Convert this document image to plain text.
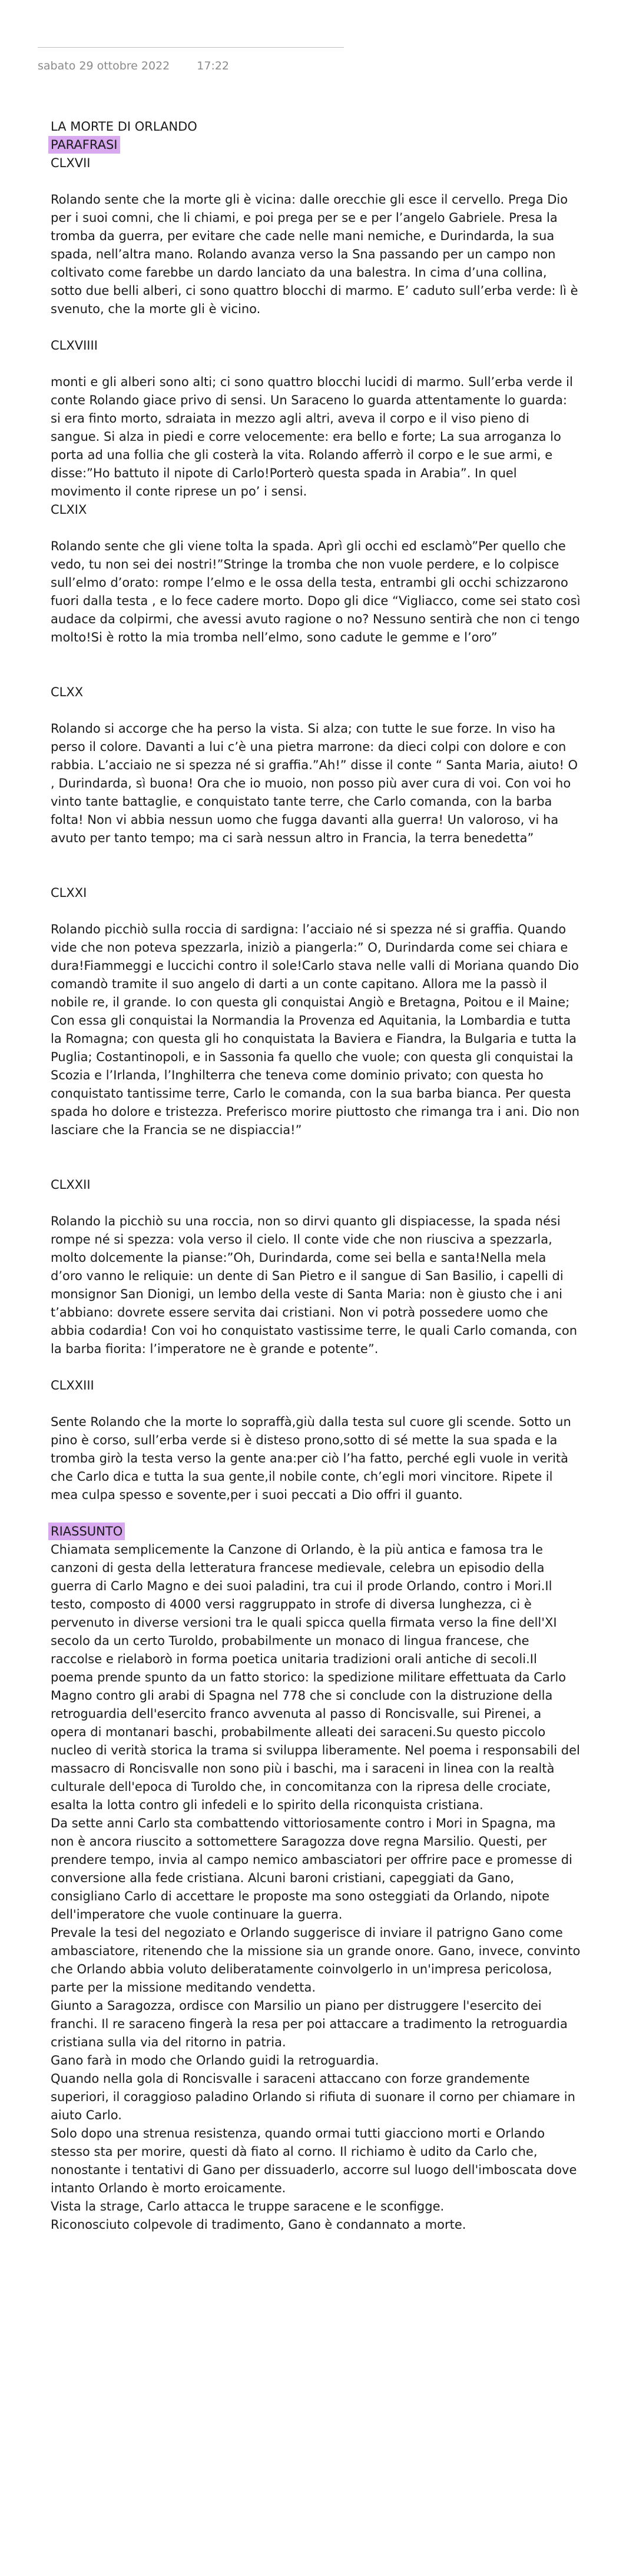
sabato 29 ottobre 2022 17:22
LA MORTE DI ORLANDO
PARAFRASI
CLXVII

Rolando sente che la morte gli è vicina: dalle orecchie gli esce il cervello. Prega Dio per i suoi comni, che li chiami, e poi prega per se e per l’angelo Gabriele. Presa la tromba da guerra, per evitare che cade nelle mani nemiche, e Durindarda, la sua spada, nell’altra mano. Rolando avanza verso la Sna passando per un campo non coltivato come farebbe un dardo lanciato da una balestra. In cima d’una collina, sotto due belli alberi, ci sono quattro blocchi di marmo. E’ caduto sull’erba verde: lì è svenuto, che la morte gli è vicino.

CLXVIIII

monti e gli alberi sono alti; ci sono quattro blocchi lucidi di marmo. Sull’erba verde il conte Rolando giace privo di sensi. Un Saraceno lo guarda attentamente lo guarda: si era finto morto, sdraiata in mezzo agli altri, aveva il corpo e il viso pieno di sangue. Si alza in piedi e corre velocemente: era bello e forte; La sua arroganza lo porta ad una follia che gli costerà la vita. Rolando afferrò il corpo e le sue armi, e disse:”Ho battuto il nipote di Carlo!Porterò questa spada in Arabia”. In quel movimento il conte riprese un po’ i sensi.

CLXIX

Rolando sente che gli viene tolta la spada. Aprì gli occhi ed esclamò”Per quello che vedo, tu non sei dei nostri!”Stringe la tromba che non vuole perdere, e lo colpisce sull’elmo d’orato: rompe l’elmo e le ossa della testa, entrambi gli occhi schizzarono fuori dalla testa , e lo fece cadere morto. Dopo gli dice “Vigliacco, come sei stato così audace da colpirmi, che avessi avuto ragione o no? Nessuno sentirà che non ci tengo molto!Si è rotto la mia tromba nell’elmo, sono cadute le gemme e l’oro”

CLXX

Rolando si accorge che ha perso la vista. Si alza; con tutte le sue forze. In viso ha perso il colore. Davanti a lui c’è una pietra marrone: da dieci colpi con dolore e con rabbia. L’acciaio ne si spezza né si graffia.”Ah!” disse il conte “ Santa Maria, aiuto! O , Durindarda, sì buona! Ora che io muoio, non posso più aver cura di voi. Con voi ho vinto tante battaglie, e conquistato tante terre, che Carlo comanda, con la barba folta! Non vi abbia nessun uomo che fugga davanti alla guerra! Un valoroso, vi ha avuto per tanto tempo; ma ci sarà nessun altro in Francia, la terra benedetta”

CLXXI

Rolando picchiò sulla roccia di sardigna: l’acciaio né si spezza né si graffia. Quando vide che non poteva spezzarla, iniziò a piangerla:” O, Durindarda come sei chiara e dura!Fiammeggi e luccichi contro il sole!Carlo stava nelle valli di Moriana quando Dio comandò tramite il suo angelo di darti a un conte capitano. Allora me la passò il nobile re, il grande. Io con questa gli conquistai Angiò e Bretagna, Poitou e il Maine; Con essa gli conquistai la Normandia la Provenza ed Aquitania, la Lombardia e tutta la Romagna; con questa gli ho conquistata la Baviera e Fiandra, la Bulgaria e tutta la Puglia; Costantinopoli, e in Sassonia fa quello che vuole; con questa gli conquistai la Scozia e l’Irlanda, l’Inghilterra che teneva come dominio privato; con questa ho conquistato tantissime terre, Carlo le comanda, con la sua barba bianca. Per questa spada ho dolore e tristezza. Preferisco morire piuttosto che rimanga tra i ani. Dio non lasciare che la Francia se ne dispiaccia!”

CLXXII

Rolando la picchiò su una roccia, non so dirvi quanto gli dispiacesse, la spada nési rompe né si spezza: vola verso il cielo. Il conte vide che non riusciva a spezzarla, molto dolcemente la pianse:”Oh, Durindarda, come sei bella e santa!Nella mela d’oro vanno le reliquie: un dente di San Pietro e il sangue di San Basilio, i capelli di monsignor San Dionigi, un lembo della veste di Santa Maria: non è giusto che i ani t’abbiano: dovrete essere servita dai cristiani. Non vi potrà possedere uomo che abbia codardia! Con voi ho conquistato vastissime terre, le quali Carlo comanda, con la barba fiorita: l’imperatore ne è grande e potente”.

CLXXIII

Sente Rolando che la morte lo sopraffà,giù dalla testa sul cuore gli scende. Sotto un pino è corso, sull’erba verde si è disteso prono,sotto di sé mette la sua spada e la tromba girò la testa verso la gente ana:per ciò l’ha fatto, perché egli vuole in verità che Carlo dica e tutta la sua gente,il nobile conte, ch’egli mori vincitore. Ripete il mea culpa spesso e sovente,per i suoi peccati a Dio offri il guanto.

RIASSUNTO

Chiamata semplicemente la Canzone di Orlando, è la più antica e famosa tra le canzoni di gesta della letteratura francese medievale, celebra un episodio della guerra di Carlo Magno e dei suoi paladini, tra cui il prode Orlando, contro i Mori.Il testo, composto di 4000 versi raggruppato in strofe di diversa lunghezza, ci è pervenuto in diverse versioni tra le quali spicca quella firmata verso la fine dell'XI secolo da un certo Turoldo, probabilmente un monaco di lingua francese, che raccolse e rielaborò in forma poetica unitaria tradizioni orali antiche di secoli.Il poema prende spunto da un fatto storico: la spedizione militare effettuata da Carlo Magno contro gli arabi di Spagna nel 778 che si conclude con la distruzione della retroguardia dell'esercito franco avvenuta al passo di Roncisvalle, sui Pirenei, a opera di montanari baschi, probabilmente alleati dei saraceni.Su questo piccolo nucleo di verità storica la trama si sviluppa liberamente. Nel poema i responsabili del massacro di Roncisvalle non sono più i baschi, ma i saraceni in linea con la realtà culturale dell'epoca di Turoldo che, in concomitanza con la ripresa delle crociate, esalta la lotta contro gli infedeli e lo spirito della riconquista cristiana.

Da sette anni Carlo sta combattendo vittoriosamente contro i Mori in Spagna, ma non è ancora riuscito a sottomettere Saragozza dove regna Marsilio. Questi, per prendere tempo, invia al campo nemico ambasciatori per offrire pace e promesse di conversione alla fede cristiana. Alcuni baroni cristiani, capeggiati da Gano, consigliano Carlo di accettare le proposte ma sono osteggiati da Orlando, nipote dell'imperatore che vuole continuare la guerra.

Prevale la tesi del negoziato e Orlando suggerisce di inviare il patrigno Gano come ambasciatore, ritenendo che la missione sia un grande onore. Gano, invece, convinto che Orlando abbia voluto deliberatamente coinvolgerlo in un'impresa pericolosa, parte per la missione meditando vendetta.

Giunto a Saragozza, ordisce con Marsilio un piano per distruggere l'esercito dei franchi. Il re saraceno fingerà la resa per poi attaccare a tradimento la retroguardia cristiana sulla via del ritorno in patria.

Gano farà in modo che Orlando guidi la retroguardia.

Quando nella gola di Roncisvalle i saraceni attaccano con forze grandemente superiori, il coraggioso paladino Orlando si rifiuta di suonare il corno per chiamare in aiuto Carlo.

Solo dopo una strenua resistenza, quando ormai tutti giacciono morti e Orlando stesso sta per morire, questi dà fiato al corno. Il richiamo è udito da Carlo che, nonostante i tentativi di Gano per dissuaderlo, accorre sul luogo dell'imboscata dove intanto Orlando è morto eroicamente.

Vista la strage, Carlo attacca le truppe saracene e le sconfigge.

Riconosciuto colpevole di tradimento, Gano è condannato a morte.
